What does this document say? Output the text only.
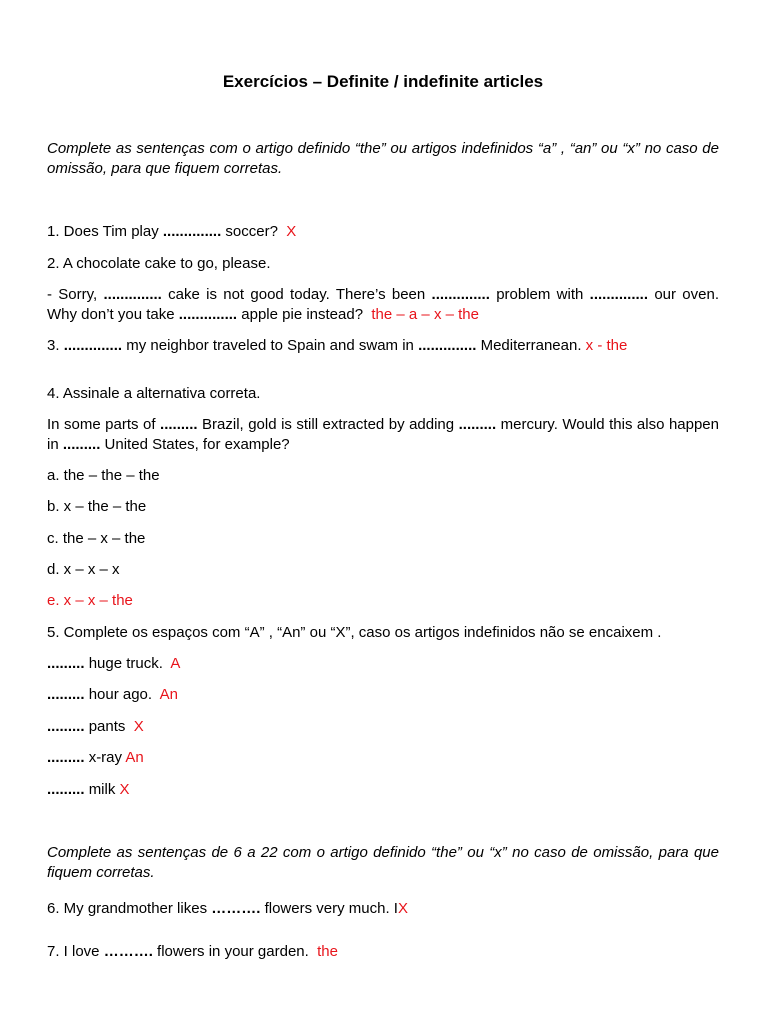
Exercícios – Definite / indefinite articles
Complete as sentenças com o artigo definido “the” ou artigos indefinidos “a” , “an” ou “x” no caso de omissão, para que fiquem corretas.
1. Does Tim play .............. soccer? X
2. A chocolate cake to go, please.
- Sorry, .............. cake is not good today. There’s been .............. problem with .............. our oven. Why don’t you take .............. apple pie instead? the – a – x – the
3. .............. my neighbor traveled to Spain and swam in .............. Mediterranean. x - the
4. Assinale a alternativa correta.
In some parts of ......... Brazil, gold is still extracted by adding ......... mercury. Would this also happen in ......... United States, for example?
a. the – the – the
b. x – the – the
c. the – x – the
d. x – x – x
e. x – x – the
5. Complete os espaços com “A” , “An” ou “X”, caso os artigos indefinidos não se encaixem .
......... huge truck. A
......... hour ago. An
......... pants X
......... x-ray An
......... milk X
Complete as sentenças de 6 a 22 com o artigo definido “the” ou “x” no caso de omissão, para que fiquem corretas.
6. My grandmother likes ………. flowers very much. IX
7. I love ………. flowers in your garden. the
